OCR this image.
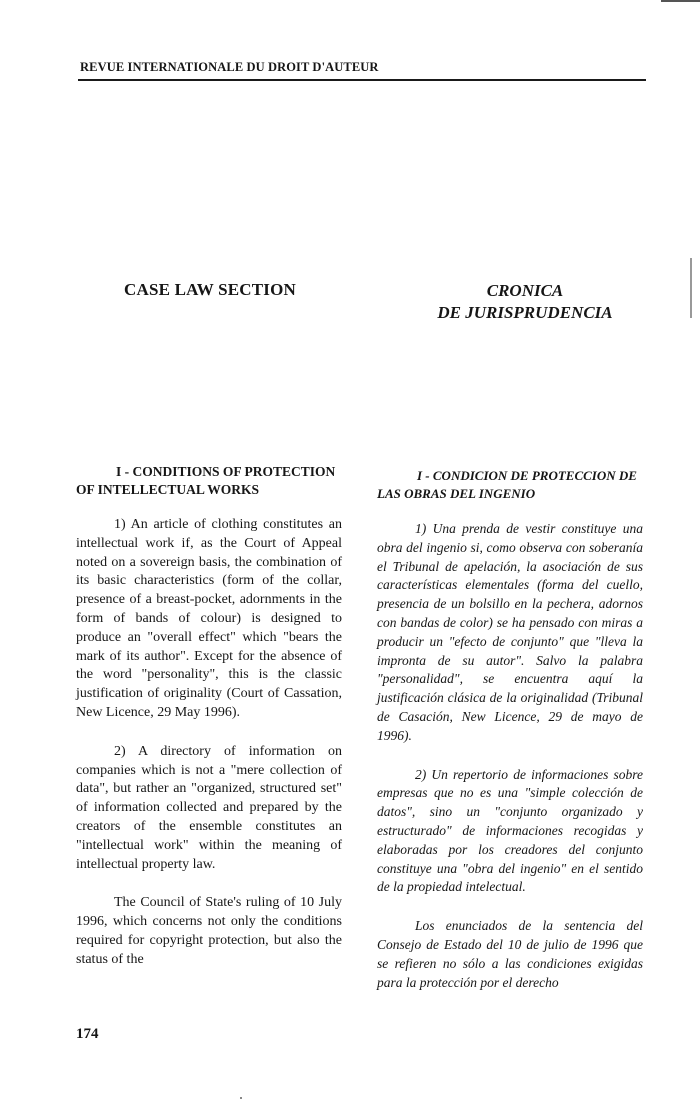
REVUE INTERNATIONALE DU DROIT D'AUTEUR
CASE LAW SECTION	CRONICA
DE JURISPRUDENCIA

I - CONDITIONS OF PROTECTION OF INTELLECTUAL WORKS

1) An article of clothing constitutes an intellectual work if, as the Court of Appeal noted on a sovereign basis, the combination of its basic characteristics (form of the collar, presence of a breast-pocket, adornments in the form of bands of colour) is designed to produce an "overall effect" which "bears the mark of its author". Except for the absence of the word "personality", this is the classic justification of originality (Court of Cassation, New Licence, 29 May 1996).

2) A directory of information on companies which is not a "mere collection of data", but rather an "organized, structured set" of information collected and prepared by the creators of the ensemble constitutes an "intellectual work" within the meaning of intellectual property law.

The Council of State's ruling of 10 July 1996, which concerns not only the conditions required for copyright protection, but also the status of the

I - CONDICION DE PROTECCION DE LAS OBRAS DEL INGENIO

1) Una prenda de vestir constituye una obra del ingenio si, como observa con soberanía el Tribunal de apelación, la asociación de sus características elementales (forma del cuello, presencia de un bolsillo en la pechera, adornos con bandas de color) se ha pensado con miras a producir un "efecto de conjunto" que "lleva la impronta de su autor". Salvo la palabra "personalidad", se encuentra aquí la justificación clásica de la originalidad (Tribunal de Casación, New Licence, 29 de mayo de 1996).

2) Un repertorio de informaciones sobre empresas que no es una "simple colección de datos", sino un "conjunto organizado y estructurado" de informaciones recogidas y elaboradas por los creadores del conjunto constituye una "obra del ingenio" en el sentido de la propiedad intelectual.

Los enunciados de la sentencia del Consejo de Estado del 10 de julio de 1996 que se refieren no sólo a las condiciones exigidas para la protección por el derecho

174
